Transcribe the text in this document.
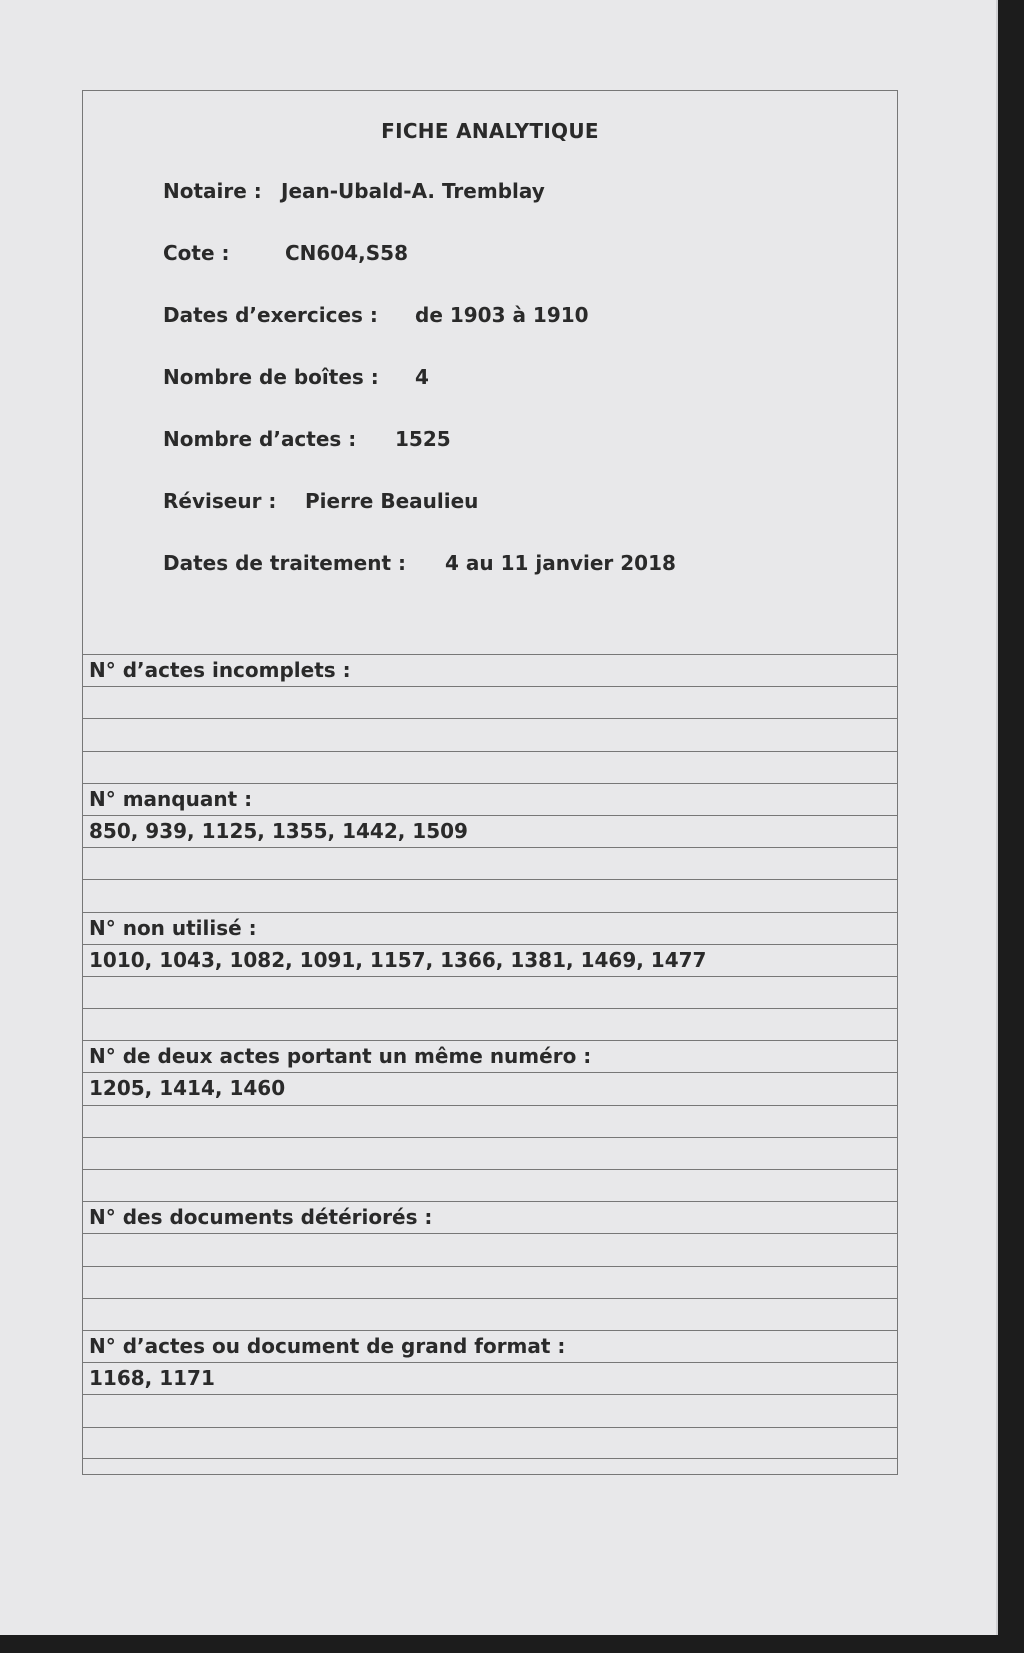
FICHE ANALYTIQUE
Notaire : Jean-Ubald-A. Tremblay
Cote :	CN604,S58
Dates d’exercices : de 1903 à 1910
Nombre de boîtes : 4
Nombre d’actes : 1525
Réviseur : Pierre Beaulieu
Dates de traitement : 4 au 11 janvier 2018
N° d’actes incomplets :
N° manquant :
850, 939, 1125, 1355, 1442, 1509
N° non utilisé :
1010, 1043, 1082, 1091, 1157, 1366, 1381, 1469, 1477
N° de deux actes portant un même numéro :
1205, 1414, 1460
N° des documents détériorés :
N° d’actes ou document de grand format :
1168, 1171
